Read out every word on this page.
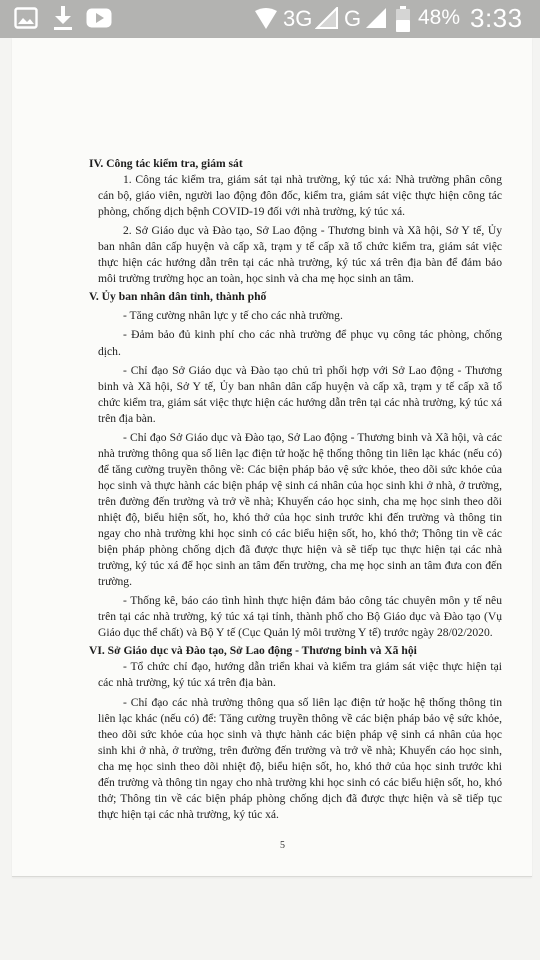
3G G	48% 3:33

IV. Công tác kiểm tra, giám sát

1. Công tác kiểm tra, giám sát tại nhà trường, ký túc xá: Nhà trường phân công cán bộ, giáo viên, người lao động đôn đốc, kiểm tra, giám sát việc thực hiện công tác phòng, chống dịch bệnh COVID-19 đối với nhà trường, ký túc xá.

2. Sở Giáo dục và Đào tạo, Sở Lao động - Thương binh và Xã hội, Sở Y tế, Ủy ban nhân dân cấp huyện và cấp xã, trạm y tế cấp xã tổ chức kiểm tra, giám sát việc thực hiện các hướng dẫn trên tại các nhà trường, ký túc xá trên địa bàn để đảm bảo môi trường trường học an toàn, học sinh và cha mẹ học sinh an tâm.

V. Ủy ban nhân dân tỉnh, thành phố

- Tăng cường nhân lực y tế cho các nhà trường.

- Đảm bảo đủ kinh phí cho các nhà trường để phục vụ công tác phòng, chống dịch.

- Chỉ đạo Sở Giáo dục và Đào tạo chủ trì phối hợp với Sở Lao động - Thương binh và Xã hội, Sở Y tế, Ủy ban nhân dân cấp huyện và cấp xã, trạm y tế cấp xã tổ chức kiểm tra, giám sát việc thực hiện các hướng dẫn trên tại các nhà trường, ký túc xá trên địa bàn.

- Chỉ đạo Sở Giáo dục và Đào tạo, Sở Lao động - Thương binh và Xã hội, và các nhà trường thông qua số liên lạc điện tử hoặc hệ thống thông tin liên lạc khác (nếu có) để tăng cường truyền thông về: Các biện pháp bảo vệ sức khỏe, theo dõi sức khỏe của học sinh và thực hành các biện pháp vệ sinh cá nhân của học sinh khi ở nhà, ở trường, trên đường đến trường và trở về nhà; Khuyến cáo học sinh, cha mẹ học sinh theo dõi nhiệt độ, biểu hiện sốt, ho, khó thở của học sinh trước khi đến trường và thông tin ngay cho nhà trường khi học sinh có các biểu hiện sốt, ho, khó thở; Thông tin về các biện pháp phòng chống dịch đã được thực hiện và sẽ tiếp tục thực hiện tại các nhà trường, ký túc xá để học sinh an tâm đến trường, cha mẹ học sinh an tâm đưa con đến trường.

- Thống kê, báo cáo tình hình thực hiện đảm bảo công tác chuyên môn y tế nêu trên tại các nhà trường, ký túc xá tại tỉnh, thành phố cho Bộ Giáo dục và Đào tạo (Vụ Giáo dục thể chất) và Bộ Y tế (Cục Quản lý môi trường Y tế) trước ngày 28/02/2020.

VI. Sở Giáo dục và Đào tạo, Sở Lao động - Thương binh và Xã hội

- Tổ chức chỉ đạo, hướng dẫn triển khai và kiểm tra giám sát việc thực hiện tại các nhà trường, ký túc xá trên địa bàn.

- Chỉ đạo các nhà trường thông qua số liên lạc điện tử hoặc hệ thống thông tin liên lạc khác (nếu có) để: Tăng cường truyền thông về các biện pháp bảo vệ sức khỏe, theo dõi sức khỏe của học sinh và thực hành các biện pháp vệ sinh cá nhân của học sinh khi ở nhà, ở trường, trên đường đến trường và trở về nhà; Khuyến cáo học sinh, cha mẹ học sinh theo dõi nhiệt độ, biểu hiện sốt, ho, khó thở của học sinh trước khi đến trường và thông tin ngay cho nhà trường khi học sinh có các biểu hiện sốt, ho, khó thở; Thông tin về các biện pháp phòng chống dịch đã được thực hiện và sẽ tiếp tục thực hiện tại các nhà trường, ký túc xá.

5
